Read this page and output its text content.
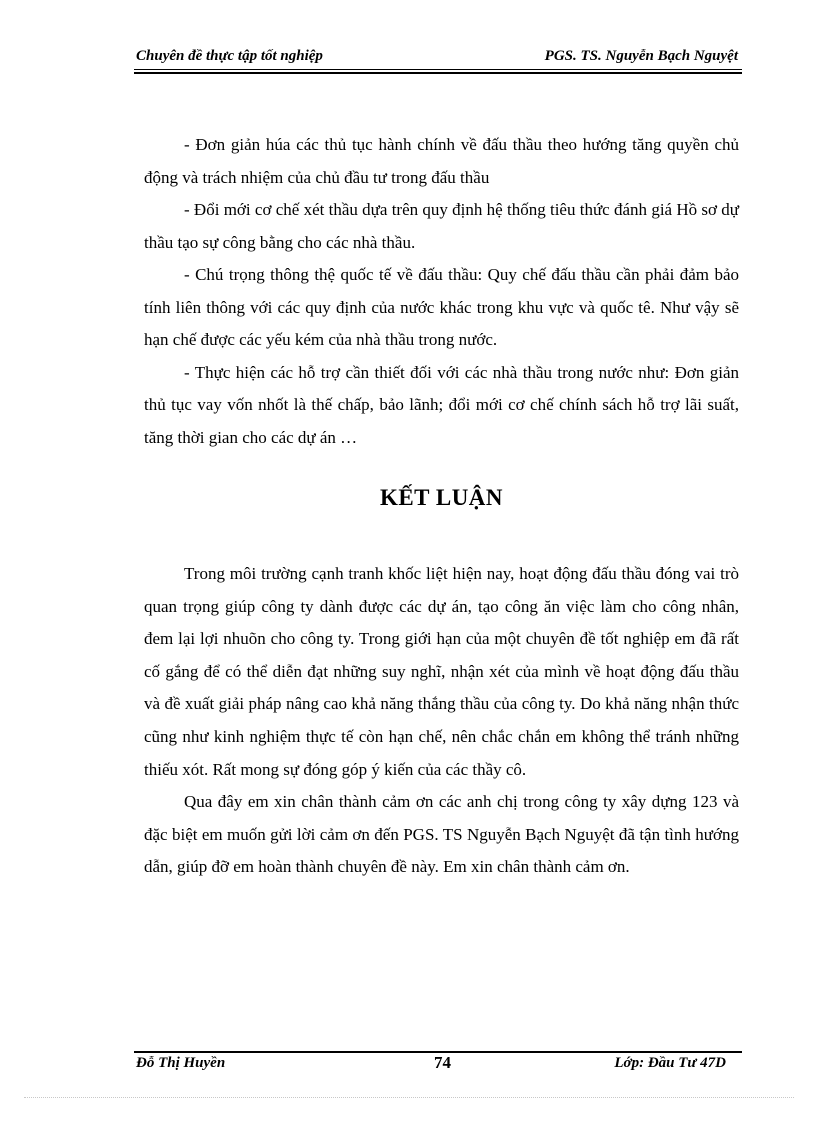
Chuyên đề thực tập tốt nghiệp	PGS. TS. Nguyễn Bạch Nguyệt

- Đơn giản húa các thủ tục hành chính về đấu thầu theo hướng tăng quyền chủ động và trách nhiệm của chủ đầu tư trong đấu thầu

- Đổi mới cơ chế xét thầu dựa trên quy định hệ thống tiêu thức đánh giá Hồ sơ dự thầu tạo sự công bằng cho các nhà thầu.

- Chú trọng thông thệ quốc tế về đấu thầu: Quy chế đấu thầu cần phải đảm bảo tính liên thông với các quy định của nước khác trong khu vực và quốc tê. Như vậy sẽ hạn chế được các yếu kém của nhà thầu trong nước.

- Thực hiện các hỗ trợ cần thiết đối với các nhà thầu trong nước như: Đơn giản thủ tục vay vốn nhốt là thế chấp, bảo lãnh; đổi mới cơ chế chính sách hỗ trợ lãi suất, tăng thời gian cho các dự án …

KẾT LUẬN

Trong môi trường cạnh tranh khốc liệt hiện nay, hoạt động đấu thầu đóng vai trò quan trọng giúp công ty dành được các dự án, tạo công ăn việc làm cho công nhân, đem lại lợi nhuõn cho công ty. Trong giới hạn của một chuyên đề tốt nghiệp em đã rất cố gắng để có thể diễn đạt những suy nghĩ, nhận xét của mình về hoạt động đấu thầu và đề xuất giải pháp nâng cao khả năng thắng thầu của công ty. Do khả năng nhận thức cũng như kinh nghiệm thực tế còn hạn chế, nên chắc chắn em không thể tránh những thiếu xót. Rất mong sự đóng góp ý kiến của các thầy cô.

Qua đây em xin chân thành cảm ơn các anh chị trong công ty xây dựng 123 và đặc biệt em muốn gửi lời cảm ơn đến PGS. TS Nguyễn Bạch Nguyệt đã tận tình hướng dẫn, giúp đỡ em hoàn thành chuyên đề này. Em xin chân thành cảm ơn.

Đỗ Thị Huyền	74	Lớp: Đầu Tư 47D
